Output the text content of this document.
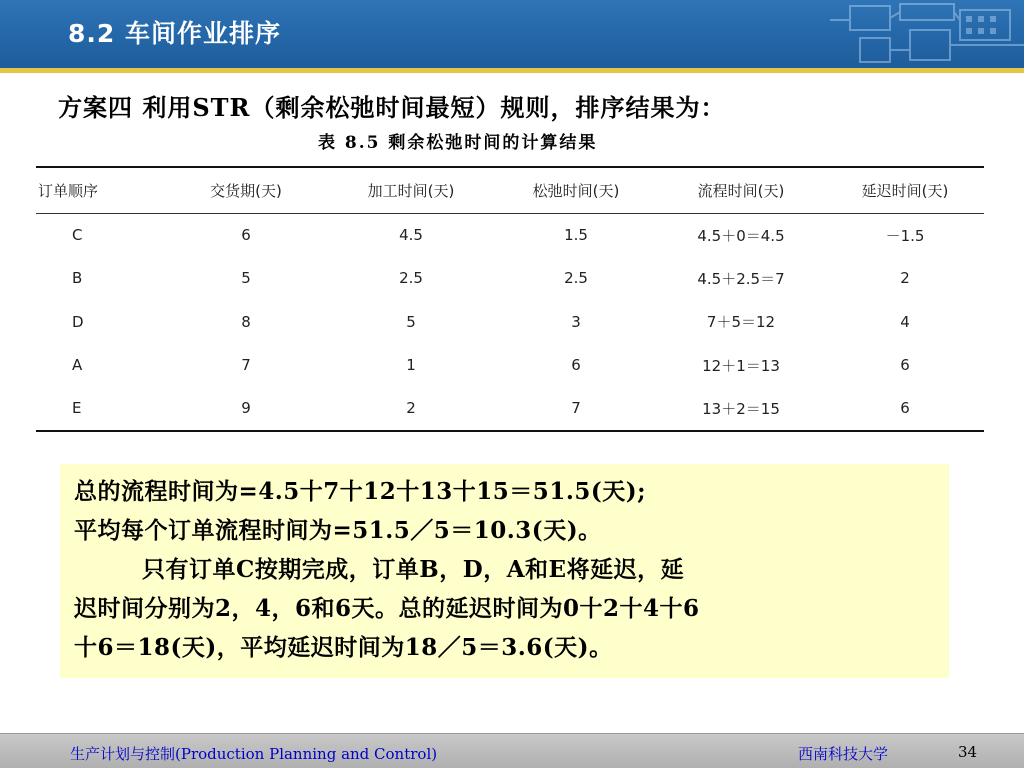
8.2 车间作业排序
方案四 利用STR（剩余松弛时间最短）规则，排序结果为：
表 8.5 剩余松弛时间的计算结果
订单顺序	交货期(天)	加工时间(天)	松弛时间(天)	流程时间(天)	延迟时间(天)
C	6	4.5	1.5	4.5＋0＝4.5	－1.5
B	5	2.5	2.5	4.5＋2.5＝7	2
D	8	5	3	7＋5＝12	4
A	7	1	6	12＋1＝13	6
E	9	2	7	13＋2＝15	6

总的流程时间为=4.5十7十12十13十15＝51.5(天);

平均每个订单流程时间为=51.5／5＝10.3(天)。

只有订单C按期完成，订单B，D，A和E将延迟，延

迟时间分别为2，4，6和6天。总的延迟时间为0十2十4十6

十6＝18(天)，平均延迟时间为18／5＝3.6(天)。

生产计划与控制(Production Planning and Control)	西南科技大学	34
